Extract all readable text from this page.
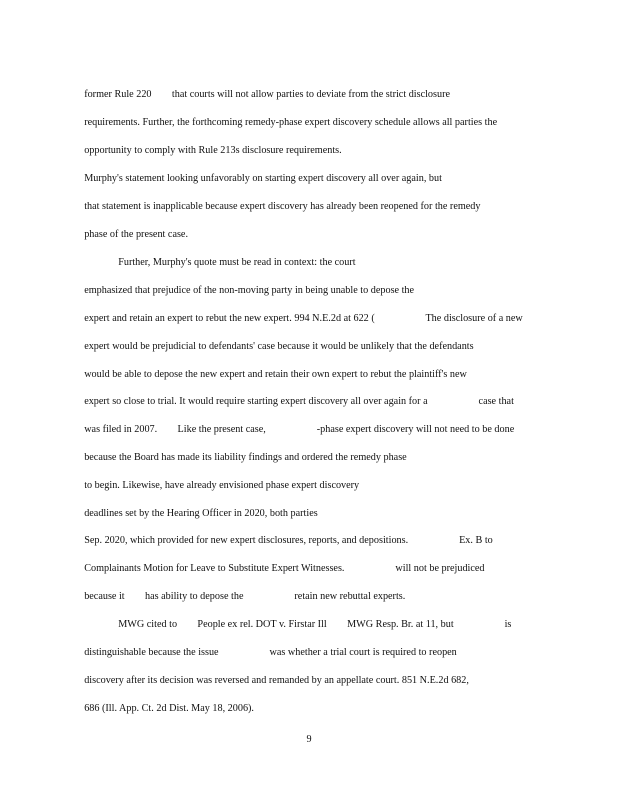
former Rule 220        that courts will not allow parties to deviate from the strict disclosure

requirements. Further, the forthcoming remedy-phase expert discovery schedule allows all parties the

opportunity to comply with Rule 213s disclosure requirements.

Murphy's statement looking unfavorably on starting expert discovery all over again, but

that statement is inapplicable because expert discovery has already been reopened for the remedy

phase of the present case.

Further, Murphy's quote must be read in context: the court

emphasized that prejudice of the non-moving party in being unable to depose the

expert and retain an expert to rebut the new expert. 994 N.E.2d at 622 (                    The disclosure of a new

expert would be prejudicial to defendants' case because it would be unlikely that the defendants

would be able to depose the new expert and retain their own expert to rebut the plaintiff's new

expert so close to trial. It would require starting expert discovery all over again for a                    case that

was filed in 2007.        Like the present case,                    -phase expert discovery will not need to be done

because the Board has made its liability findings and ordered the remedy phase

to begin. Likewise, have already envisioned phase expert discovery

deadlines set by the Hearing Officer in 2020, both parties

Sep. 2020, which provided for new expert disclosures, reports, and depositions.                    Ex. B to

Complainants Motion for Leave to Substitute Expert Witnesses.                    will not be prejudiced

because it        has ability to depose the                    retain new rebuttal experts.

MWG cited to        People ex rel. DOT v. Firstar Ill        MWG Resp. Br. at 11, but                    is

distinguishable because the issue                    was whether a trial court is required to reopen

discovery after its decision was reversed and remanded by an appellate court. 851 N.E.2d 682,

686 (Ill. App. Ct. 2d Dist. May 18, 2006).

9
